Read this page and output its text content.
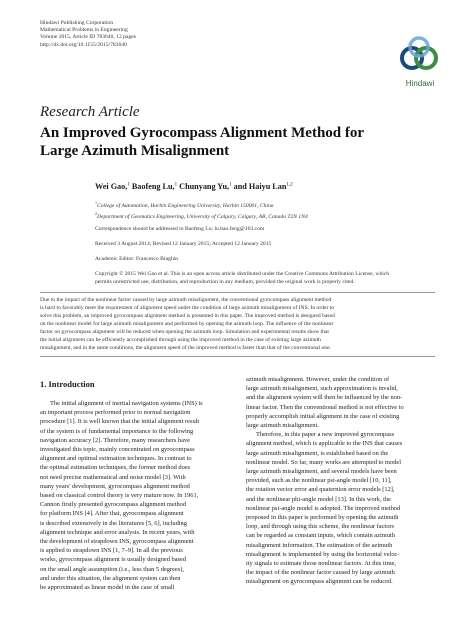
Hindawi Publishing Corporation
Mathematical Problems in Engineering
Volume 2015, Article ID 783640, 12 pages
http://dx.doi.org/10.1155/2015/783640
Hindawi
Research Article
An Improved Gyrocompass Alignment Method for
Large Azimuth Misalignment
Wei Gao,$^1$ Baofeng Lu,$^1$ Chunyang Yu,$^1$ and Haiyu Lan$^{1,2}$
$^1$College of Automation, Harbin Engineering University, Harbin 150001, China
$^2$Department of Geomatics Engineering, University of Calgary, Calgary, AB, Canada T2N 1N4
Correspondence should be addressed to Baofeng Lu; lu.bao.feng@163.com
Received 3 August 2014; Revised 12 January 2015; Accepted 12 January 2015
Academic Editor: Francesco Braghin
Copyright © 2015 Wei Gao et al. This is an open access article distributed under the Creative Commons Attribution License, which
permits unrestricted use, distribution, and reproduction in any medium, provided the original work is properly cited.
Due to the impact of the nonlinear factor caused by large azimuth misalignment, the conventional gyrocompass alignment method
is hard to favorably meet the requirement of alignment speed under the condition of large azimuth misalignment of INS. In order to
solve this problem, an improved gyrocompass alignment method is presented in this paper. The improved method is designed based
on the nonlinear model for large azimuth misalignment and performed by opening the azimuth loop. The influence of the nonlinear
factor on gyrocompass alignment will be reduced when opening the azimuth loop. Simulation and experimental results show that
the initial alignment can be efficiently accomplished through using the improved method in the case of existing large azimuth
misalignment, and in the same conditions, the alignment speed of the improved method is faster than that of the conventional one.
1. Introduction
The initial alignment of inertial navigation systems (INS) is
an important process performed prior to normal navigation
procedure [1]. It is well known that the initial alignment result
of the system is of fundamental importance to the following
navigation accuracy [2]. Therefore, many researchers have
investigated this topic, mainly concentrated on gyrocompass
alignment and optimal estimation techniques. In contrast to
the optimal estimation techniques, the former method does
not need precise mathematical and noise model [3]. With
many years' development, gyrocompass alignment method
based on classical control theory is very mature now. In 1961,
Cannon firstly presented gyrocompass alignment method
for platform INS [4]. After that, gyrocompass alignment
is described extensively in the literatures [5, 6], including
alignment technique and error analysis. In recent years, with
the development of strapdown INS, gyrocompass alignment
is applied to strapdown INS [1, 7–9]. In all the previous
works, gyrocompass alignment is usually designed based
on the small angle assumption (i.e., less than 5 degrees),
and under this situation, the alignment system can then
be approximated as linear model in the case of small
azimuth misalignment. However, under the condition of
large azimuth misalignment, such approximation is invalid,
and the alignment system will then be influenced by the non-
linear factor. Then the conventional method is not effective to
properly accomplish initial alignment in the case of existing
large azimuth misalignment.
Therefore, in this paper a new improved gyrocompass
alignment method, which is applicable to the INS that causes
large azimuth misalignment, is established based on the
nonlinear model. So far, many works are attempted to model
large azimuth misalignment, and several models have been
provided, such as the nonlinear psi-angle model [10, 11],
the rotation vector error and quaternion error models [12],
and the nonlinear phi-angle model [13]. In this work, the
nonlinear psi-angle model is adopted. The improved method
proposed in this paper is performed by opening the azimuth
loop, and through using this scheme, the nonlinear factors
can be regarded as constant inputs, which contain azimuth
misalignment information. The estimation of the azimuth
misalignment is implemented by using the horizontal veloc-
ity signals to estimate those nonlinear factors. At this time,
the impact of the nonlinear factor caused by large azimuth
misalignment on gyrocompass alignment can be reduced.
